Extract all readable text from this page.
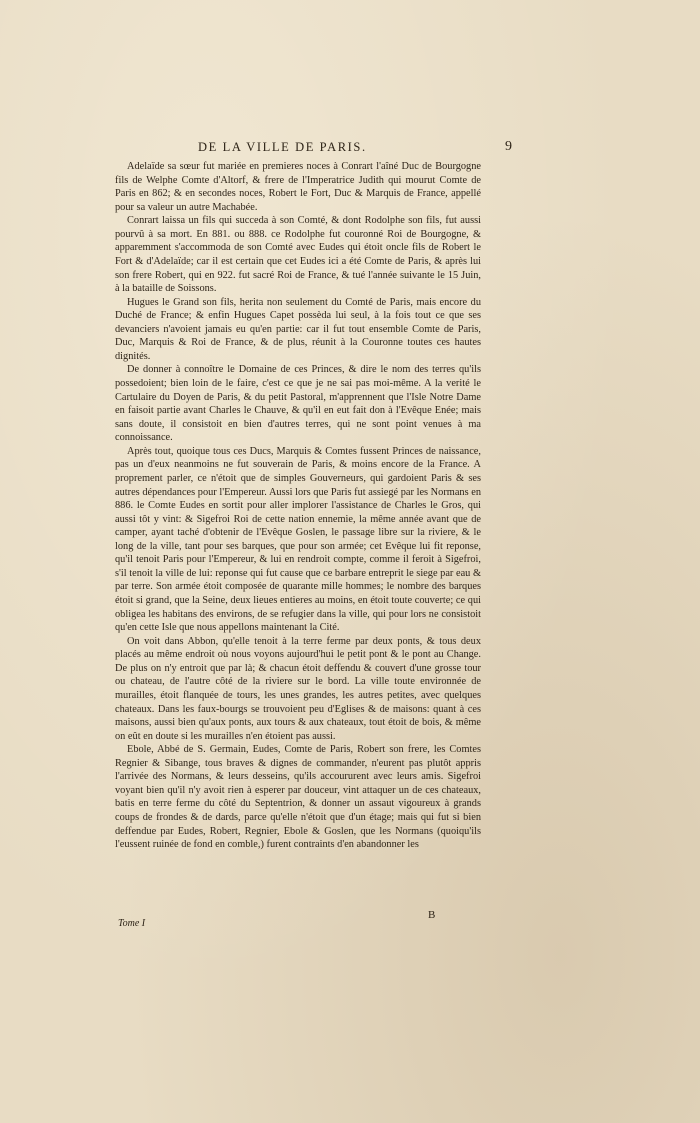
DE LA VILLE DE PARIS.	9

Adelaïde sa sœur fut mariée en premieres noces à Conrart l'aîné Duc de Bourgogne fils de Welphe Comte d'Altorf, & frere de l'Imperatrice Judith qui mourut Comte de Paris en 862; & en secondes noces, Robert le Fort, Duc & Marquis de France, appellé pour sa valeur un autre Machabée.

Conrart laissa un fils qui succeda à son Comté, & dont Rodolphe son fils, fut aussi pourvû à sa mort. En 881. ou 888. ce Rodolphe fut couronné Roi de Bourgogne, & apparemment s'accommoda de son Comté avec Eudes qui étoit oncle fils de Robert le Fort & d'Adelaïde; car il est certain que cet Eudes ici a été Comte de Paris, & après lui son frere Robert, qui en 922. fut sacré Roi de France, & tué l'année suivante le 15 Juin, à la bataille de Soissons.

Hugues le Grand son fils, herita non seulement du Comté de Paris, mais encore du Duché de France; & enfin Hugues Capet possèda lui seul, à la fois tout ce que ses devanciers n'avoient jamais eu qu'en partie: car il fut tout ensemble Comte de Paris, Duc, Marquis & Roi de France, & de plus, réunit à la Couronne toutes ces hautes dignités.

De donner à connoître le Domaine de ces Princes, & dire le nom des terres qu'ils possedoient; bien loin de le faire, c'est ce que je ne sai pas moi-même. A la verité le Cartulaire du Doyen de Paris, & du petit Pastoral, m'apprennent que l'Isle Notre Dame en faisoit partie avant Charles le Chauve, & qu'il en eut fait don à l'Evêque Enée; mais sans doute, il consistoit en bien d'autres terres, qui ne sont point venues à ma connoissance.

Après tout, quoique tous ces Ducs, Marquis & Comtes fussent Princes de naissance, pas un d'eux neanmoins ne fut souverain de Paris, & moins encore de la France. A proprement parler, ce n'étoit que de simples Gouverneurs, qui gardoient Paris & ses autres dépendances pour l'Empereur. Aussi lors que Paris fut assiegé par les Normans en 886. le Comte Eudes en sortit pour aller implorer l'assistance de Charles le Gros, qui aussi tôt y vint: & Sigefroi Roi de cette nation ennemie, la même année avant que de camper, ayant taché d'obtenir de l'Evêque Goslen, le passage libre sur la riviere, & le long de la ville, tant pour ses barques, que pour son armée; cet Evêque lui fit reponse, qu'il tenoit Paris pour l'Empereur, & lui en rendroit compte, comme il feroit à Sigefroi, s'il tenoit la ville de lui: reponse qui fut cause que ce barbare entreprit le siege par eau & par terre. Son armée étoit composée de quarante mille hommes; le nombre des barques étoit si grand, que la Seine, deux lieues entieres au moins, en étoit toute couverte; ce qui obligea les habitans des environs, de se refugier dans la ville, qui pour lors ne consistoit qu'en cette Isle que nous appellons maintenant la Cité.

On voit dans Abbon, qu'elle tenoit à la terre ferme par deux ponts, & tous deux placés au même endroit où nous voyons aujourd'hui le petit pont & le pont au Change. De plus on n'y entroit que par là; & chacun étoit deffendu & couvert d'une grosse tour ou chateau, de l'autre côté de la riviere sur le bord. La ville toute environnée de murailles, étoit flanquée de tours, les unes grandes, les autres petites, avec quelques chateaux. Dans les faux-bourgs se trouvoient peu d'Eglises & de maisons: quant à ces maisons, aussi bien qu'aux ponts, aux tours & aux chateaux, tout étoit de bois, & même on eût en doute si les murailles n'en étoient pas aussi.

Ebole, Abbé de S. Germain, Eudes, Comte de Paris, Robert son frere, les Comtes Regnier & Sibange, tous braves & dignes de commander, n'eurent pas plutôt appris l'arrivée des Normans, & leurs desseins, qu'ils accoururent avec leurs amis. Sigefroi voyant bien qu'il n'y avoit rien à esperer par douceur, vint attaquer un de ces chateaux, batis en terre ferme du côté du Septentrion, & donner un assaut vigoureux à grands coups de frondes & de dards, parce qu'elle n'étoit que d'un étage; mais qui fut si bien deffendue par Eudes, Robert, Regnier, Ebole & Goslen, que les Normans (quoiqu'ils l'eussent ruinée de fond en comble,) furent contraints d'en abandonner les

Tome I
B
